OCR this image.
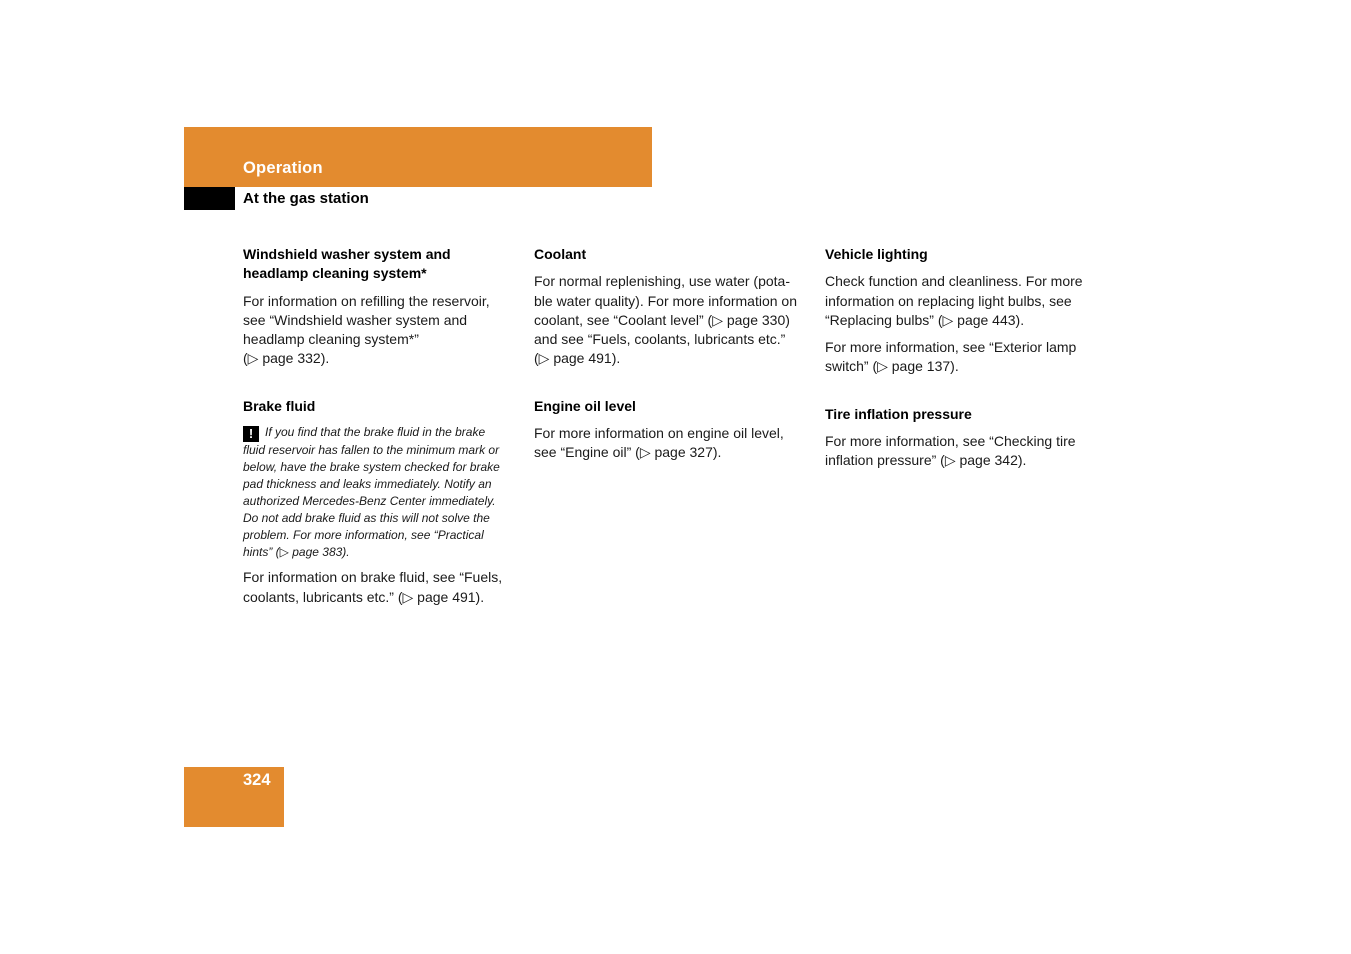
Operation
At the gas station
Windshield washer system and
headlamp cleaning system*
For information on refilling the reservoir,
see “Windshield washer system and
headlamp cleaning system*”
(▷ page 332).
Brake fluid
! If you find that the brake fluid in the brake
fluid reservoir has fallen to the minimum mark or
below, have the brake system checked for brake
pad thickness and leaks immediately. Notify an
authorized Mercedes-Benz Center immediately.
Do not add brake fluid as this will not solve the
problem. For more information, see “Practical
hints” (▷ page 383).
For information on brake fluid, see “Fuels,
coolants, lubricants etc.” (▷ page 491).
Coolant
For normal replenishing, use water (pota-
ble water quality). For more information on
coolant, see “Coolant level” (▷ page 330)
and see “Fuels, coolants, lubricants etc.”
(▷ page 491).
Engine oil level
For more information on engine oil level,
see “Engine oil” (▷ page 327).
Vehicle lighting
Check function and cleanliness. For more
information on replacing light bulbs, see
“Replacing bulbs” (▷ page 443).
For more information, see “Exterior lamp
switch” (▷ page 137).
Tire inflation pressure
For more information, see “Checking tire
inflation pressure” (▷ page 342).
324
